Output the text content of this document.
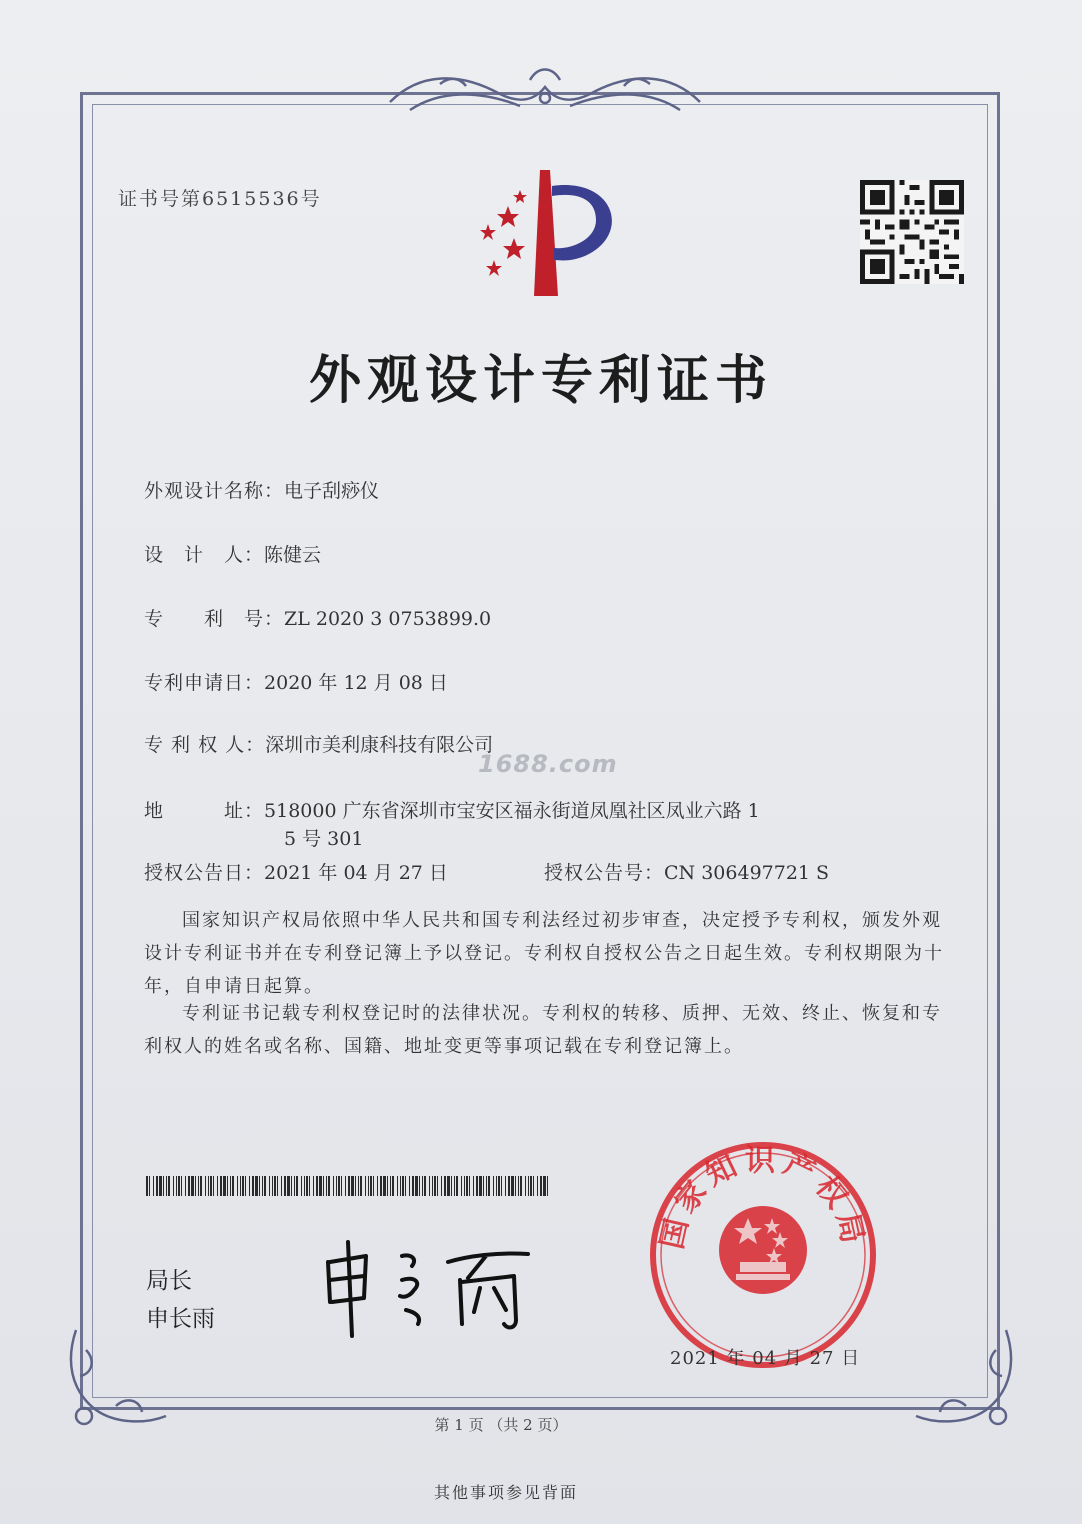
证书号第6515536号
外观设计专利证书
外观设计名称：电子刮痧仪
设　计　人：陈健云
专　　利　号：ZL 2020 3 0753899.0
专利申请日：2020 年 12 月 08 日
专 利 权 人：深圳市美利康科技有限公司
1688.com
地　　　址：518000 广东省深圳市宝安区福永街道凤凰社区凤业六路 1
5 号 301
授权公告日：2021 年 04 月 27 日	授权公告号：CN 306497721 S
国家知识产权局依照中华人民共和国专利法经过初步审查，决定授予专利权，颁发外观
设计专利证书并在专利登记簿上予以登记。专利权自授权公告之日起生效。专利权期限为十
年，自申请日起算。
专利证书记载专利权登记时的法律状况。专利权的转移、质押、无效、终止、恢复和专
利权人的姓名或名称、国籍、地址变更等事项记载在专利登记簿上。
局长
申长雨
国家知识产权局
2021 年 04 月 27 日
第 1 页 （共 2 页）
其他事项参见背面
